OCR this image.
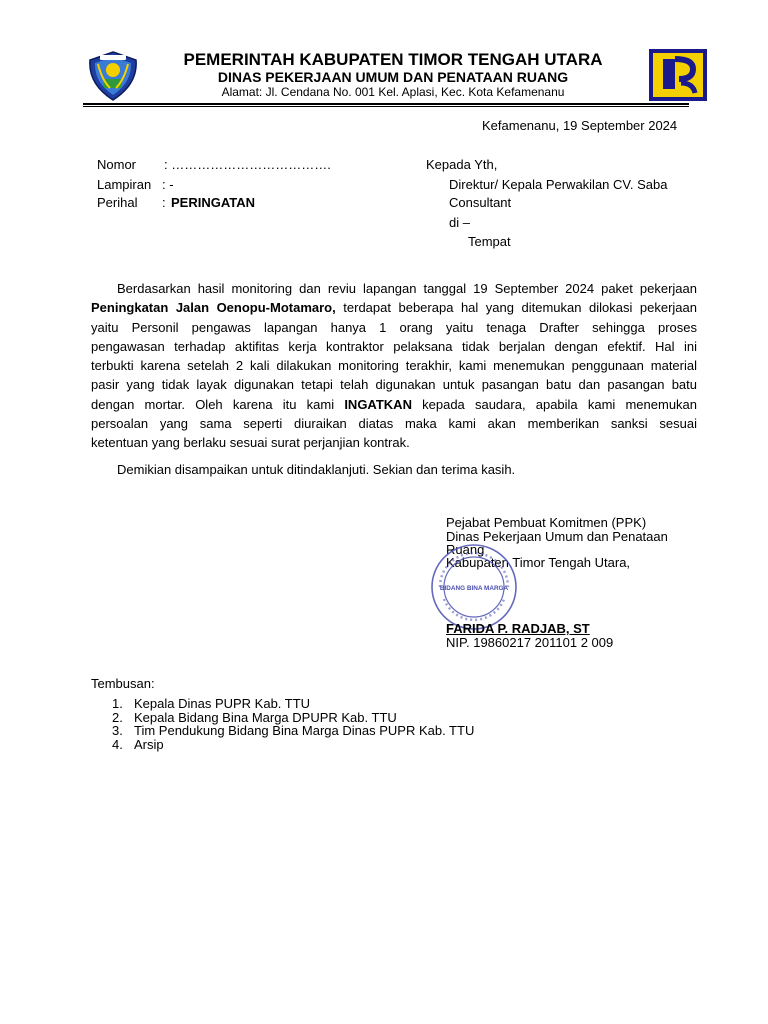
PEMERINTAH KABUPATEN TIMOR TENGAH UTARA
DINAS PEKERJAAN UMUM DAN PENATAAN RUANG
Alamat: Jl. Cendana No. 001 Kel. Aplasi, Kec. Kota Kefamenanu
Kefamenanu, 19 September 2024
Nomor : ……………………………….
Lampiran : -
Perihal : PERINGATAN
Kepada Yth,
Direktur/ Kepala Perwakilan CV. Saba
Consultant
di –
Tempat
Berdasarkan hasil monitoring dan reviu lapangan tanggal 19 September 2024 paket pekerjaan
Peningkatan Jalan Oenopu-Motamaro, terdapat beberapa hal yang ditemukan dilokasi pekerjaan
yaitu Personil pengawas lapangan hanya 1 orang yaitu tenaga Drafter sehingga proses
pengawasan terhadap aktifitas kerja kontraktor pelaksana tidak berjalan dengan efektif. Hal ini
terbukti karena setelah 2 kali dilakukan monitoring terakhir, kami menemukan penggunaan material
pasir yang tidak layak digunakan tetapi telah digunakan untuk pasangan batu dan pasangan batu
dengan mortar. Oleh karena itu kami INGATKAN kepada saudara, apabila kami menemukan
persoalan yang sama seperti diuraikan diatas maka kami akan memberikan sanksi sesuai
ketentuan yang berlaku sesuai surat perjanjian kontrak.
Demikian disampaikan untuk ditindaklanjuti. Sekian dan terima kasih.
Pejabat Pembuat Komitmen (PPK)
Dinas Pekerjaan Umum dan Penataan
Ruang
Kabupaten Timor Tengah Utara,
BIDANG BINA MARGA
FARIDA P. RADJAB, ST
NIP. 19860217 201101 2 009
Tembusan:
1. Kepala Dinas PUPR Kab. TTU
2. Kepala Bidang Bina Marga DPUPR Kab. TTU
3. Tim Pendukung Bidang Bina Marga Dinas PUPR Kab. TTU
4. Arsip
